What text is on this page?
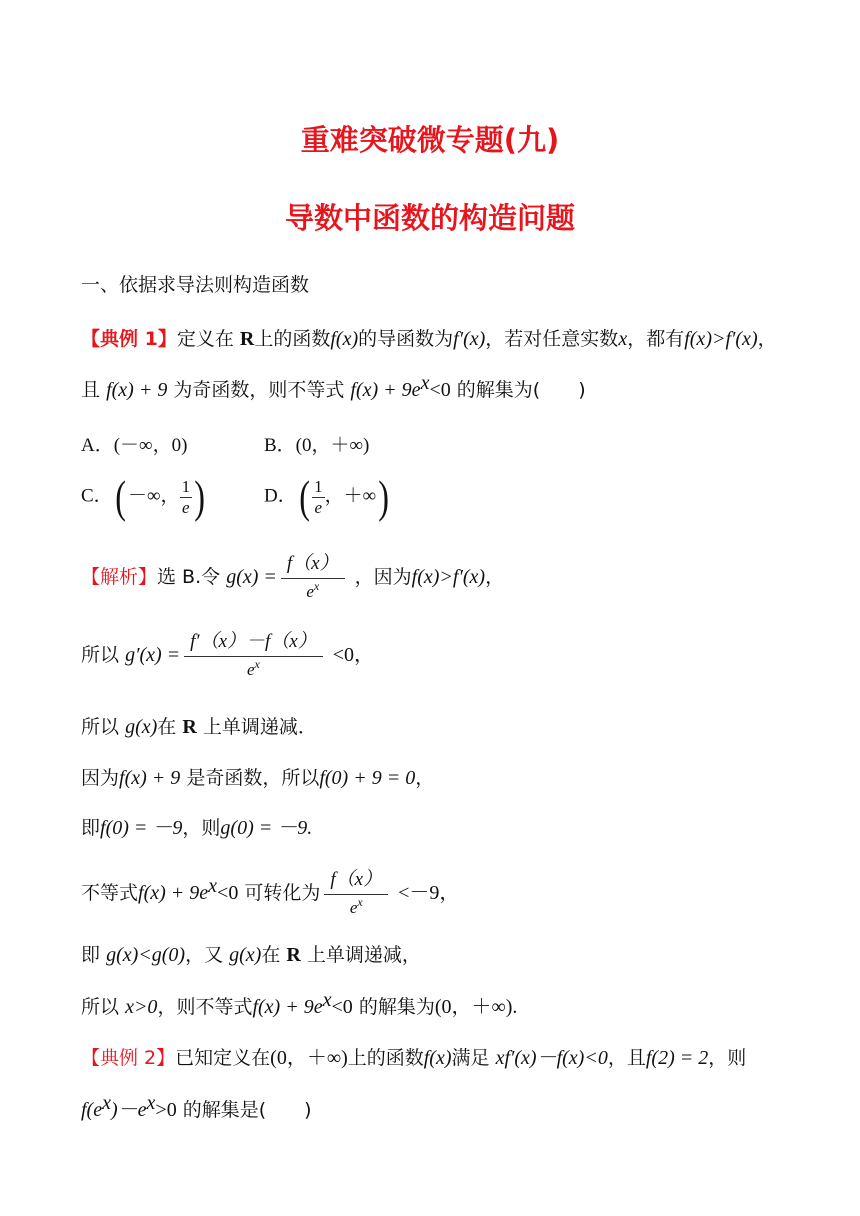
重难突破微专题(九)
导数中函数的构造问题
一、依据求导法则构造函数
【典例 1】定义在 R上的函数f(x)的导函数为f′(x)，若对任意实数x，都有f(x)>f′(x)，
且 f(x) + 9 为奇函数，则不等式 $f(x) + 9e^x<0$ 的解集为(　　)
A．(－∞，0)	B．(0，＋∞)
C．( －∞， $\frac{1}{e}$ )	D．( $\frac{1}{e}$ ，＋∞)
【解析】选 B.令 $g(x) = \frac{f(x)}{e^x}$ ，因为f(x)>f′(x)，
所以 $g'(x) = \frac{f'(x)-f(x)}{e^x} <0$，
所以 g(x)在 R 上单调递减．
因为f(x) + 9 是奇函数，所以f(0) + 9 = 0，
即f(0) = －9，则g(0) = －9.
不等式$f(x) + 9e^x<0$ 可转化为 $\frac{f(x)}{e^x} <-9$，
即 g(x)<g(0)，又 g(x)在 R 上单调递减，
所以 x>0，则不等式$f(x) + 9e^x<0$ 的解集为(0，＋∞).
【典例 2】已知定义在(0，＋∞)上的函数f(x)满足 xf′(x)－f(x)<0，且f(2) = 2，则
$f(e^x)-e^x>0$ 的解集是(　　)
